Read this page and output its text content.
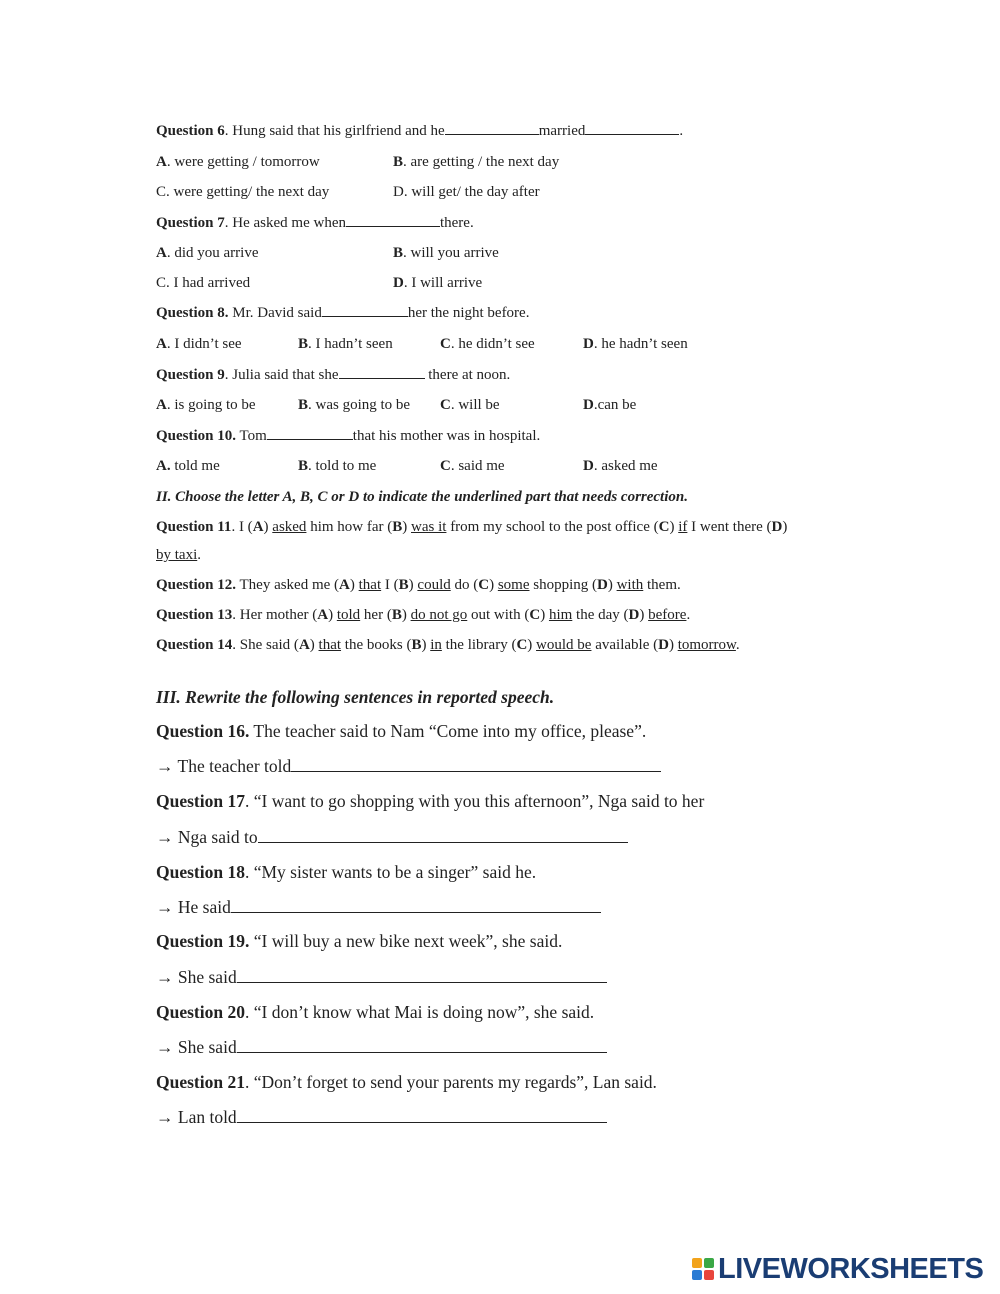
Question 6. Hung said that his girlfriend and he	married	.
A. were getting / tomorrow	B. are getting / the next day
C. were getting/ the next day	D. will get/ the day after
Question 7. He asked me when	there.
A. did you arrive	B. will you arrive
C. I had arrived	D. I will arrive
Question 8. Mr. David said	her the night before.
A. I didn’t see	B. I hadn’t seen	C. he didn’t see	D. he hadn’t seen
Question 9. Julia said that she	there at noon.
A. is going to be	B. was going to be C. will be	D.can be
Question 10. Tom	that his mother was in hospital.
A. told me	B. told to me	C. said me	D. asked me
II. Choose the letter A, B, C or D to indicate the underlined part that needs correction.
Question 11. I (A) asked him how far (B) was it from my school to the post office (C) if I went there (D)
by taxi.
Question 12. They asked me (A) that I (B) could do (C) some shopping (D) with them.
Question 13. Her mother (A) told her (B) do not go out with (C) him the day (D) before.
Question 14. She said (A) that the books (B) in the library (C) would be available (D) tomorrow.
III. Rewrite the following sentences in reported speech.
Question 16. The teacher said to Nam “Come into my office, please”.
→ The teacher told
Question 17. “I want to go shopping with you this afternoon”, Nga said to her
→ Nga said to
Question 18. “My sister wants to be a singer” said he.
→ He said
Question 19. “I will buy a new bike next week”, she said.
→ She said
Question 20. “I don’t know what Mai is doing now”, she said.
→ She said
Question 21. “Don’t forget to send your parents my regards”, Lan said.
→ Lan told
LIVEWORKSHEETS
